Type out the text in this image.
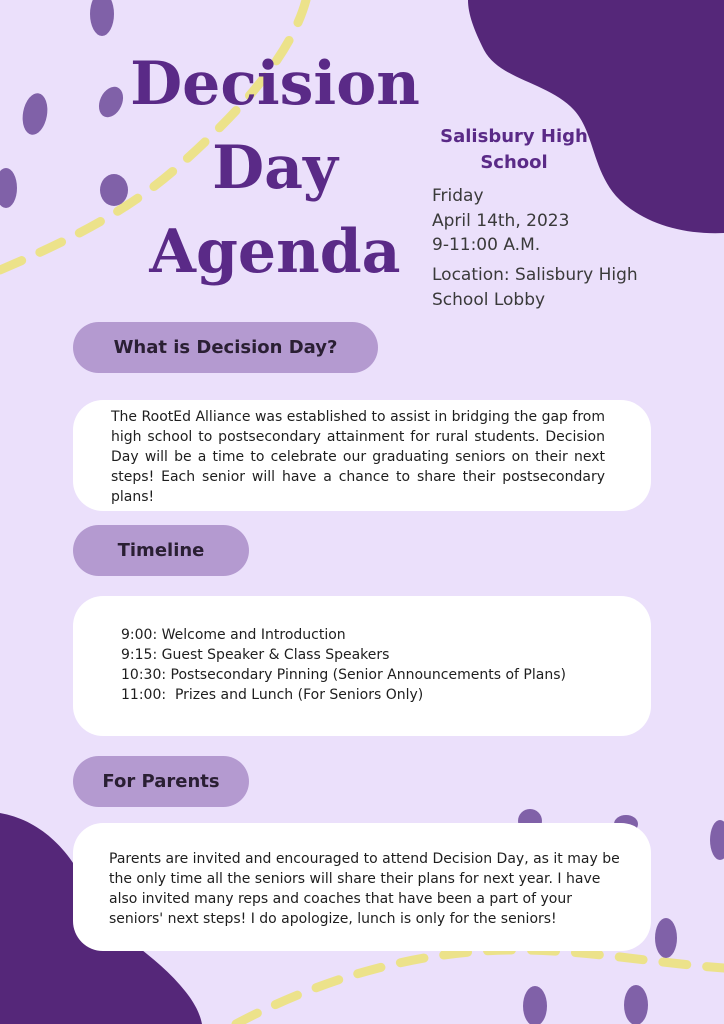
Decision
Day
Agenda
Salisbury High School
Friday
April 14th, 2023
9-11:00 A.M.
Location: Salisbury High School Lobby
What is Decision Day?
The RootEd Alliance was established to assist in bridging the gap from high school to postsecondary attainment for rural students. Decision Day will be a time to celebrate our graduating seniors on their next steps! Each senior will have a chance to share their postsecondary plans!
Timeline
9:00: Welcome and Introduction
9:15: Guest Speaker & Class Speakers
10:30: Postsecondary Pinning (Senior Announcements of Plans)
11:00:  Prizes and Lunch (For Seniors Only)
For Parents
Parents are invited and encouraged to attend Decision Day, as it may be the only time all the seniors will share their plans for next year. I have also invited many reps and coaches that have been a part of your seniors' next steps! I do apologize, lunch is only for the seniors!
